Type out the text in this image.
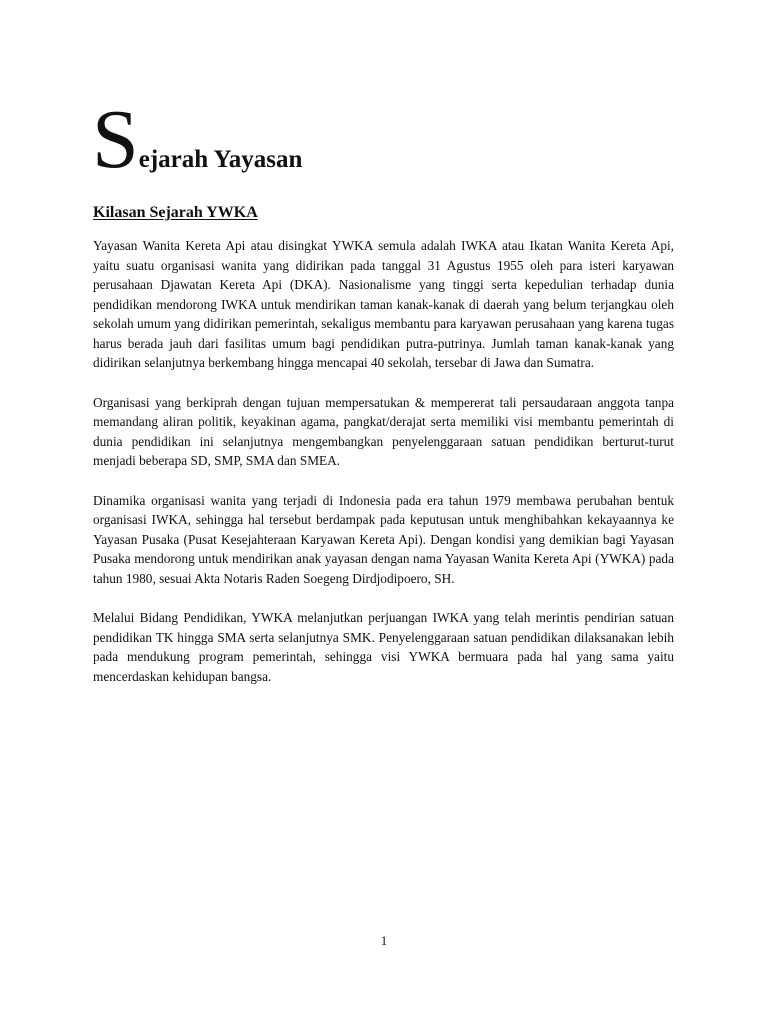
Sejarah Yayasan
Kilasan Sejarah YWKA

Yayasan Wanita Kereta Api atau disingkat YWKA semula adalah IWKA atau Ikatan Wanita Kereta Api, yaitu suatu organisasi wanita yang didirikan pada tanggal 31 Agustus 1955 oleh para isteri karyawan perusahaan Djawatan Kereta Api (DKA). Nasionalisme yang tinggi serta kepedulian terhadap dunia pendidikan mendorong IWKA untuk mendirikan taman kanak-kanak di daerah yang belum terjangkau oleh sekolah umum yang didirikan pemerintah, sekaligus membantu para karyawan perusahaan yang karena tugas harus berada jauh dari fasilitas umum bagi pendidikan putra-putrinya. Jumlah taman kanak-kanak yang didirikan selanjutnya berkembang hingga mencapai 40 sekolah, tersebar di Jawa dan Sumatra.

Organisasi yang berkiprah dengan tujuan mempersatukan & mempererat tali persaudaraan anggota tanpa memandang aliran politik, keyakinan agama, pangkat/derajat serta memiliki visi membantu pemerintah di dunia pendidikan ini selanjutnya mengembangkan penyelenggaraan satuan pendidikan berturut-turut menjadi beberapa SD, SMP, SMA dan SMEA.

Dinamika organisasi wanita yang terjadi di Indonesia pada era tahun 1979 membawa perubahan bentuk organisasi IWKA, sehingga hal tersebut berdampak pada keputusan untuk menghibahkan kekayaannya ke Yayasan Pusaka (Pusat Kesejahteraan Karyawan Kereta Api). Dengan kondisi yang demikian bagi Yayasan Pusaka mendorong untuk mendirikan anak yayasan dengan nama Yayasan Wanita Kereta Api (YWKA) pada tahun 1980, sesuai Akta Notaris Raden Soegeng Dirdjodipoero, SH.

Melalui Bidang Pendidikan, YWKA melanjutkan perjuangan IWKA yang telah merintis pendirian satuan pendidikan TK hingga SMA serta selanjutnya SMK. Penyelenggaraan satuan pendidikan dilaksanakan lebih pada mendukung program pemerintah, sehingga visi YWKA bermuara pada hal yang sama yaitu mencerdaskan kehidupan bangsa.

1
